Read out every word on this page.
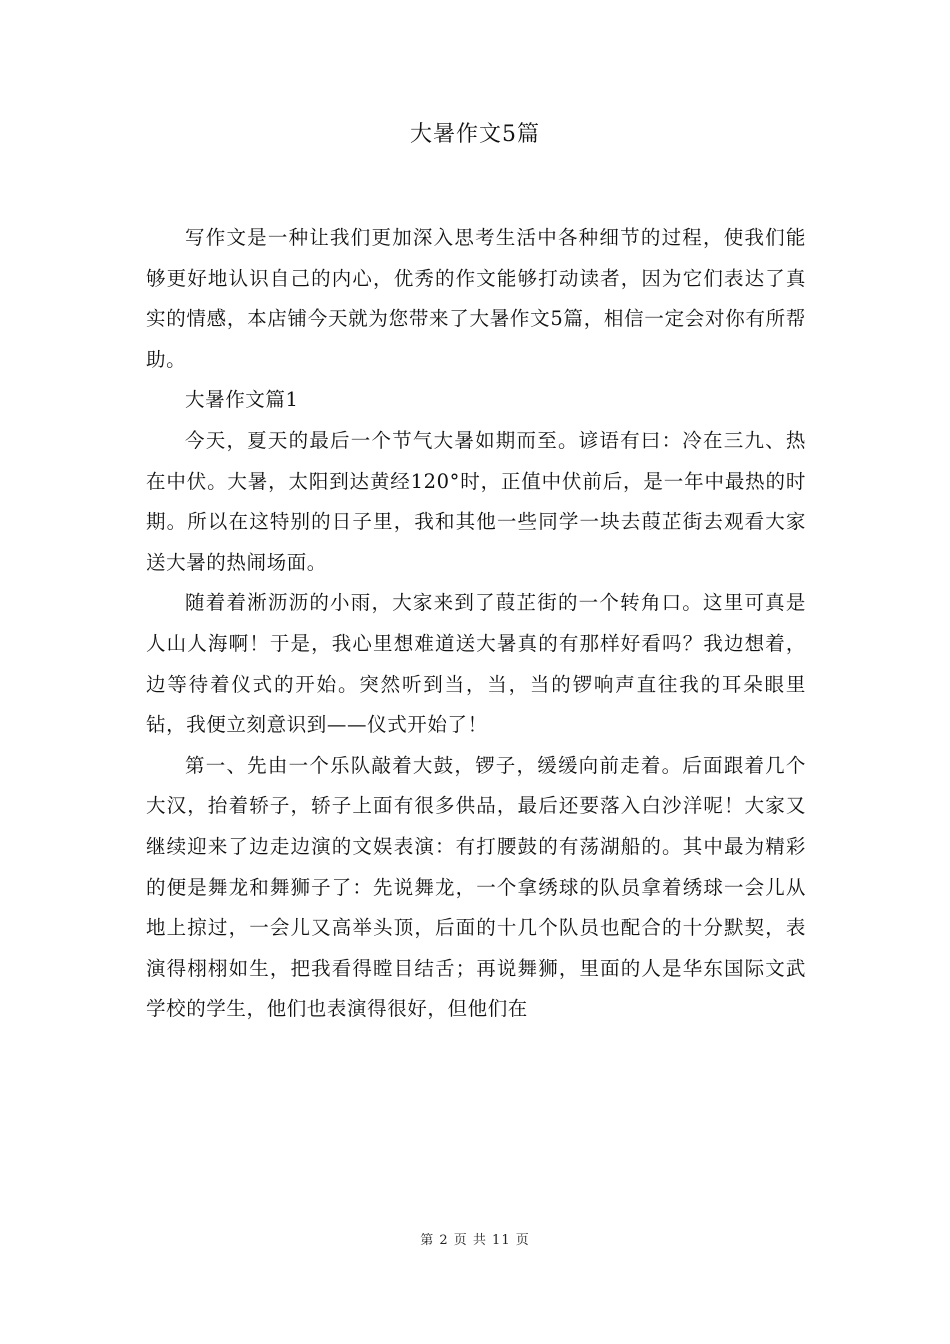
大暑作文5篇

写作文是一种让我们更加深入思考生活中各种细节的过程，使我们能够更好地认识自己的内心，优秀的作文能够打动读者，因为它们表达了真实的情感，本店铺今天就为您带来了大暑作文5篇，相信一定会对你有所帮助。

大暑作文篇1

今天，夏天的最后一个节气大暑如期而至。谚语有曰：冷在三九、热在中伏。大暑，太阳到达黄经120°时，正值中伏前后，是一年中最热的时期。所以在这特别的日子里，我和其他一些同学一块去葭芷街去观看大家送大暑的热闹场面。

随着着淅沥沥的小雨，大家来到了葭芷街的一个转角口。这里可真是人山人海啊！于是，我心里想难道送大暑真的有那样好看吗？我边想着，边等待着仪式的开始。突然听到当，当，当的锣响声直往我的耳朵眼里钻，我便立刻意识到——仪式开始了！

第一、先由一个乐队敲着大鼓，锣子，缓缓向前走着。后面跟着几个大汉，抬着轿子，轿子上面有很多供品，最后还要落入白沙洋呢！大家又继续迎来了边走边演的文娱表演：有打腰鼓的有荡湖船的。其中最为精彩的便是舞龙和舞狮子了：先说舞龙，一个拿绣球的队员拿着绣球一会儿从地上掠过，一会儿又高举头顶，后面的十几个队员也配合的十分默契，表演得栩栩如生，把我看得瞠目结舌；再说舞狮，里面的人是华东国际文武学校的学生，他们也表演得很好，但他们在

第 2 页 共 11 页
